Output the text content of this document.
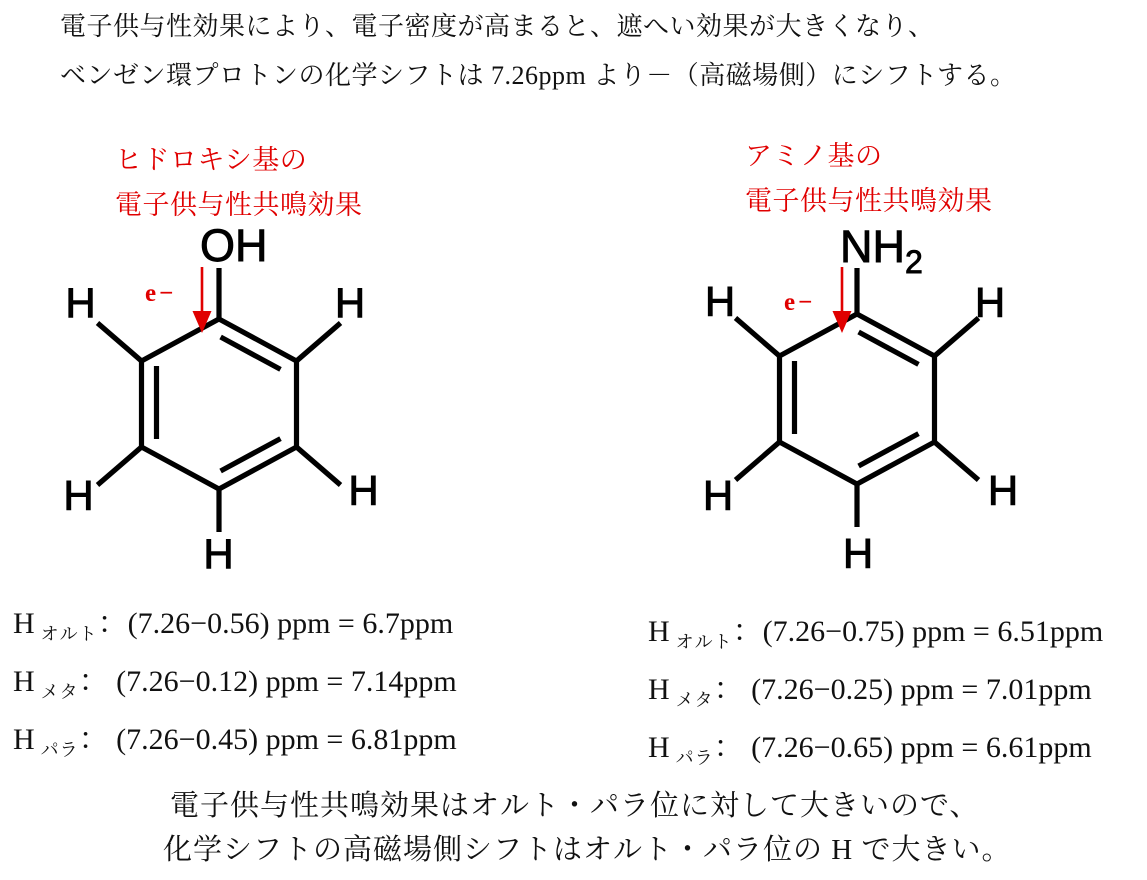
電子供与性効果により、電子密度が高まると、遮へい効果が大きくなり、
ベンゼン環プロトンの化学シフトは 7.26ppm より－（高磁場側）にシフトする。
ヒドロキシ基の
電子供与性共鳴効果
アミノ基の
電子供与性共鳴効果
OH
H	H
H	H
H
e−
$NH_2$
H	H
H	H
H
e−
H $_{オルト}$：(7.26−0.56) ppm = 6.7ppm
H $_{メタ}$： (7.26−0.12) ppm = 7.14ppm
H $_{パラ}$： (7.26−0.45) ppm = 6.81ppm
H $_{オルト}$：(7.26−0.75) ppm = 6.51ppm
H $_{メタ}$： (7.26−0.25) ppm = 7.01ppm
H $_{パラ}$： (7.26−0.65) ppm = 6.61ppm
電子供与性共鳴効果はオルト・パラ位に対して大きいので、
化学シフトの高磁場側シフトはオルト・パラ位の H で大きい。
